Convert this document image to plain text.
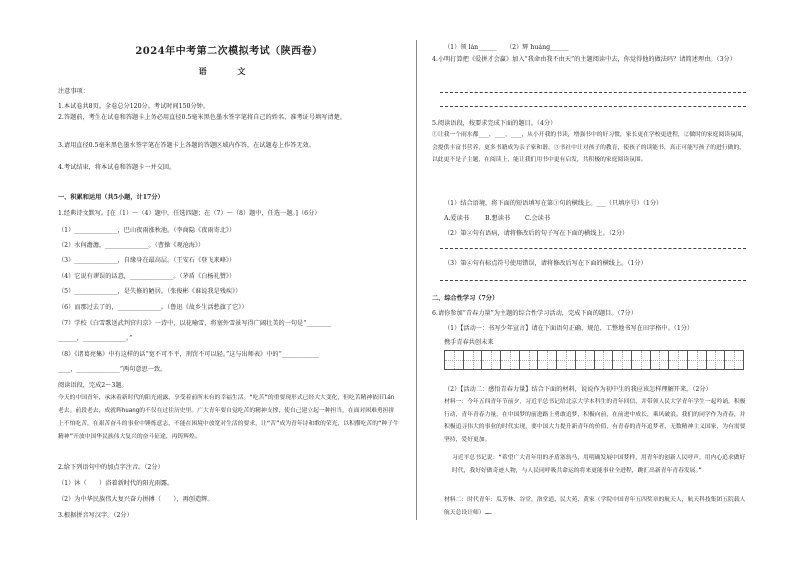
2024年中考第二次模拟考试（陕西卷）
语 文
注意事项：
1.本试卷共8页。全卷总分120分。考试时间150分钟。
2.答题前，考生在试卷和答题卡上务必用直径0.5毫米黑色墨水签字笔将自己的姓名、准考证号填写清楚。
3.请用直径0.5毫米黑色墨水签字笔在答题卡上各题的答题区域内作答，在试题卷上作答无效。
4.考试结束，将本试卷和答题卡一并交回。
一、积累和运用（共5小题，计17分）
1.经典诗文默写。[在（1）～（4）题中，任选四题；在（7）～（8）题中，任选一题。]（6分）
（1）______________，巴山夜雨涨秋池。（李商隐《夜雨寄北》）
（2）水何澹澹，______________。（曹操《观沧海》）
（3）______________，自缘身在最高层。（王安石《登飞来峰》）
（4）它说有谬误的话意，______________。（茅盾《白杨礼赞》）
（5）______________，是失修的陋居。（张俊彬《谁说我是残疾》）
（6）而那过去了的，______________。（鲁迅《故乡生活愁旗了它》）
（7）学校《白雪歌送武判官归京》一诗中，以花喻雪，将塞外雪景写得广阔壮美的一句是“________
______，______________。”
（8）《诸葛亮集》中有这样的话“宽不可不平，刑罚不可以轻。”这与出师表》中的“____________
____，______________”两句意思一致。
阅读语段，完成2～3题。
今天的中国青年，承沐着新时代的阳光雨露，享受着前所未有的幸福生活。“吃苦”的重要现形式已经大大变化，但吃苦精神依旧lán 老去。前段老去，成就辉huang的不仅在过往历史里。广大青年要自觉吃苦的精神支撑，使自己建立起一种担当，在面对困难勇担拼上不怕吃苦，在艰苦奋斗的事业中锤炼意志，不能在困境中放宽对生活的要求，让“苦”成为青年诗和歌的荣光，以积攒吃苦的“种子牛精神”开放中国华民族伟大复兴的奋斗征途，再铸辉煌。
2.给下列语句中的加点字注音。（2分）
（1）沐（　　）浴着新时代的阳光雨露。
（2）为中华民族伟大复兴奋力拼搏（　　），再创造辉。
3.根据拼音写汉字。（2分）
（1）领 lán______　　（2）辉 huáng______
4.小明打算把《爱拼才会赢》加入“我命由我不由天”的主题阅读中去，你觉得他的做法吗？请简述理由。（3分）
5.阅读语段，按要求完成下面的题目。（4分）
①让我一个雨水都___，___，___，从小开我的书读，增强书中的好习惯，家长更在学校更进程，②做时的家庭阅读氛围，会提供丰富书营养，更多书籍成为亲子家和谐，③书社中让对孩子的教育，使孩子的读能书，真正可能写孩子的进行做的，以此更不是子主题，在阅读上，能让我们用书中更有启发，共积极的家庭阅读氛围。
（1）结合语境，将下面的短语填写在第①句的横线上。___（只填序号）（1分）
A.爱读书	B.想读书 C.会读书
（2）第②句有语病，请将修改后的句子写在下面的横线上。（2分）
（3）第④句有标点符号使用错误，请将修改后写在下面的横线上。（1分）
二、综合性学习（7分）
6.请你参加“青春力量”为主题的综合性学习活动，完成下面的题目。（7分）
（1）【活动一：书写少年宣言】请在下面语句正确、规范、工整地书写在田字格中。（1分）
携手青春共创未来
（2）【活动二：感悟青春力量】结合下面的材料，说说作为初中生的我应该怎样理解开来。（2分）
材料一：今年五四青年节前夕，习近平总书记给北京大学本科生的青年回信，并带领人民大学青年学生一起吟诵，积极行动，青年青春力量，在中国梦的前进路上勇敢追梦，积极向前，在前进中成长，乘风破浪。我们的同学作为青春，并积极追寻伟大的事业的时代实现，要中国大力提升新青年的价值，有青春的青年追梦者，无数精神主义国家，为有需要坚持，爱好更加。
习近平总书记说：“希望广大青年用的矛盾塞翁马，用明确发展中国梦样，用青年的创新人民呼声，用内心追求做好时代，我好好做奇迹人物，与人民同呼吸共命运的将来更能事业全进程，跳汇出新青年青春发展。”
材料二：时代青年：瓜芳林、谷堂，洛堂道、民大苑、黄家（学院中国青年五四奖章的航天人，航天科技集团五院载人航天总设计师）……
